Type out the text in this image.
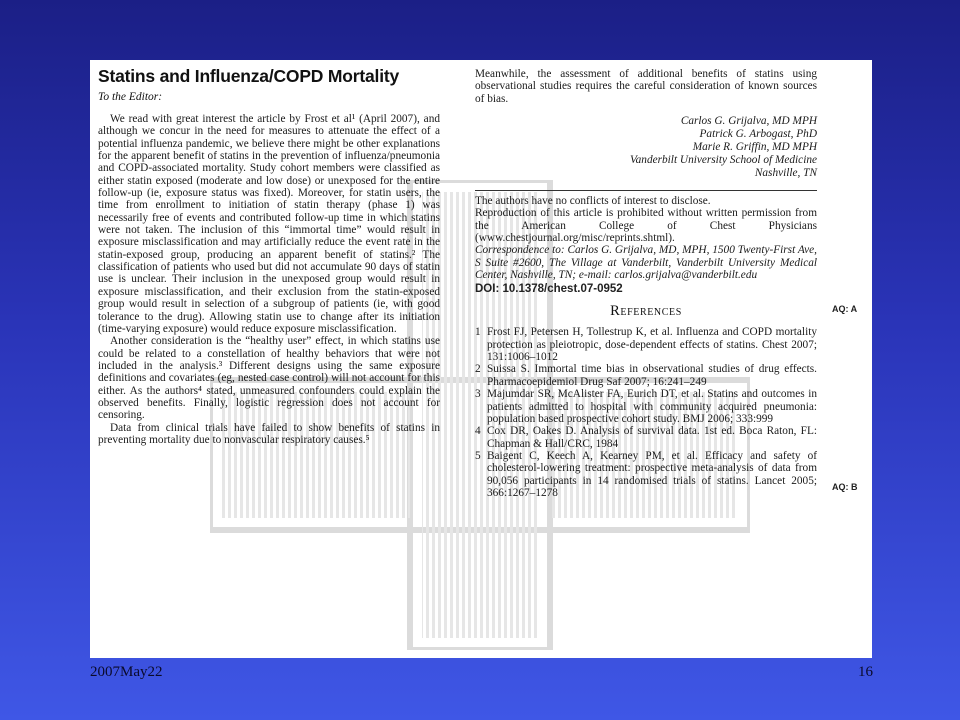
Statins and Influenza/COPD Mortality
To the Editor:

We read with great interest the article by Frost et al¹ (April 2007), and although we concur in the need for measures to attenuate the effect of a potential influenza pandemic, we believe there might be other explanations for the apparent benefit of statins in the prevention of influenza/pneumonia and COPD-associated mortality. Study cohort members were classified as either statin exposed (moderate and low dose) or unexposed for the entire follow-up (ie, exposure status was fixed). Moreover, for statin users, the time from enrollment to initiation of statin therapy (phase 1) was necessarily free of events and contributed follow-up time in which statins were not taken. The inclusion of this “immortal time” would result in exposure misclassification and may artificially reduce the event rate in the statin-exposed group, producing an apparent benefit of statins.² The classification of patients who used but did not accumulate 90 days of statin use is unclear. Their inclusion in the unexposed group would result in exposure misclassification, and their exclusion from the statin-exposed group would result in selection of a subgroup of patients (ie, with good tolerance to the drug). Allowing statin use to change after its initiation (time-varying exposure) would reduce exposure misclassification.

Another consideration is the “healthy user” effect, in which statins use could be related to a constellation of healthy behaviors that were not included in the analysis.³ Different designs using the same exposure definitions and covariates (eg, nested case control) will not account for this either. As the authors⁴ stated, unmeasured confounders could explain the observed benefits. Finally, logistic regression does not account for censoring.

Data from clinical trials have failed to show benefits of statins in preventing mortality due to nonvascular respiratory causes.⁵

Meanwhile, the assessment of additional benefits of statins using observational studies requires the careful consideration of known sources of bias.

Carlos G. Grijalva, MD MPH
Patrick G. Arbogast, PhD
Marie R. Griffin, MD MPH
Vanderbilt University School of Medicine
Nashville, TN

The authors have no conflicts of interest to disclose.

Reproduction of this article is prohibited without written permission from the American College of Chest Physicians (www.chestjournal.org/misc/reprints.shtml).

Correspondence to: Carlos G. Grijalva, MD, MPH, 1500 Twenty-First Ave, S Suite #2600, The Village at Vanderbilt, Vanderbilt University Medical Center, Nashville, TN; e-mail: carlos.grijalva@vanderbilt.edu

DOI: 10.1378/chest.07-0952
References
1 Frost FJ, Petersen H, Tollestrup K, et al. Influenza and COPD mortality protection as pleiotropic, dose-dependent effects of statins. Chest 2007; 131:1006–1012
2 Suissa S. Immortal time bias in observational studies of drug effects. Pharmacoepidemiol Drug Saf 2007; 16:241–249
3 Majumdar SR, McAlister FA, Eurich DT, et al. Statins and outcomes in patients admitted to hospital with community acquired pneumonia: population based prospective cohort study. BMJ 2006; 333:999
4 Cox DR, Oakes D. Analysis of survival data. 1st ed. Boca Raton, FL: Chapman & Hall/CRC, 1984
5 Baigent C, Keech A, Kearney PM, et al. Efficacy and safety of cholesterol-lowering treatment: prospective meta-analysis of data from 90,056 participants in 14 randomised trials of statins. Lancet 2005; 366:1267–1278
AQ: A
AQ: B
2007May22	16
